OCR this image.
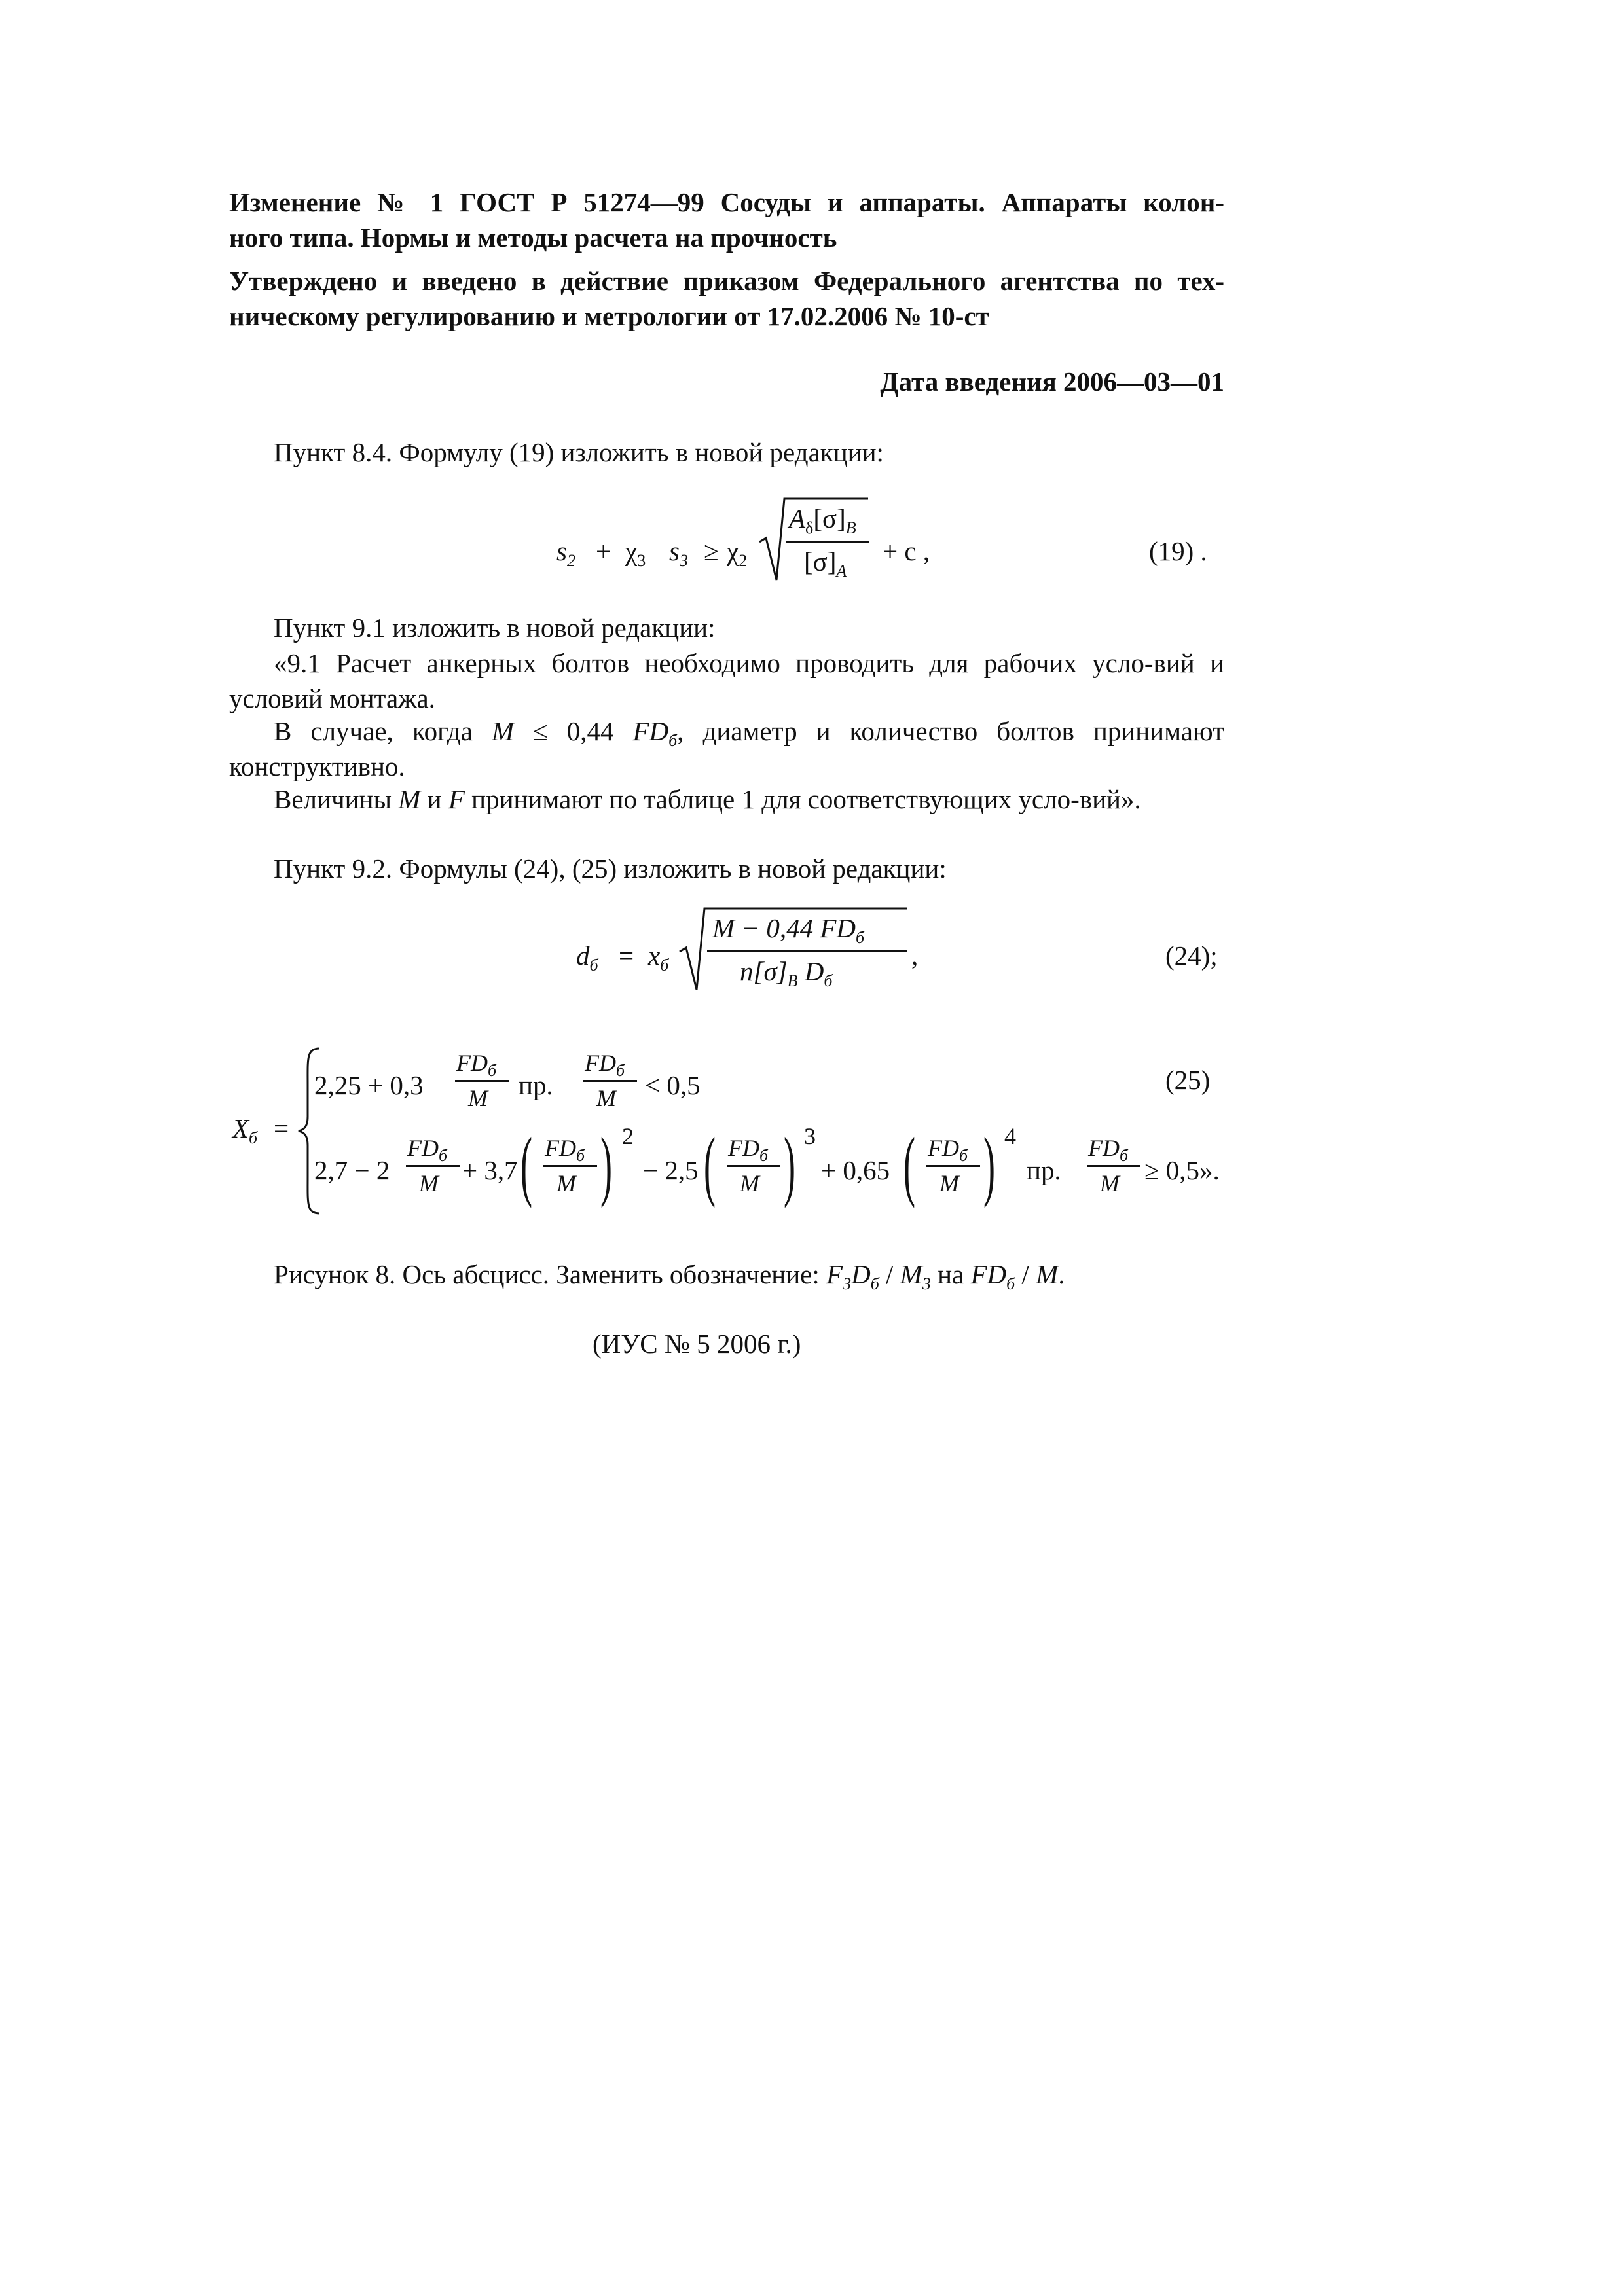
Изменение № 1 ГОСТ Р 51274—99 Сосуды и аппараты. Аппараты колон-
ного типа. Нормы и методы расчета на прочность
Утверждено и введено в действие приказом Федерального агентства по тех-
ническому регулированию и метрологии от 17.02.2006 № 10-ст
Дата введения 2006—03—01
Пункт 8.4. Формулу (19) изложить в новой редакции:
$s_2 + \chi_3$ $s_3 \ge \chi_2$
$A_\delta[\sigma]_B$
$[\sigma]_A$
+ c ,	(19) .
Пункт 9.1 изложить в новой редакции:
«9.1 Расчет анкерных болтов необходимо проводить для рабочих усло-вий и условий монтажа.
В случае, когда M ≤ 0,44 $FD_б$, диаметр и количество болтов принимают конструктивно.
Величины M и F принимают по таблице 1 для соответствующих усло-вий».
Пункт 9.2. Формулы (24), (25) изложить в новой редакции:
$d_б = x_б$
M − 0,44 $FD_б$
$n[\sigma]_B$ $D_б$
,	(24);
$X_б$ =
2,25 + 0,3
$FD_б$
M пр.
$FD_б$
M < 0,5	(25)
2,7 − 2
$FD_б$
M + 3,7 ( $FD_б$
M ) 2
− 2,5 ( $FD_б$
M ) 3
+ 0,65 ( $FD_б$
M ) 4
пр.
$FD_б$
M ≥ 0,5».
Рисунок 8. Ось абсцисс. Заменить обозначение: $F_3D_б / M_3$ на $FD_б$ / M.
(ИУС № 5 2006 г.)
